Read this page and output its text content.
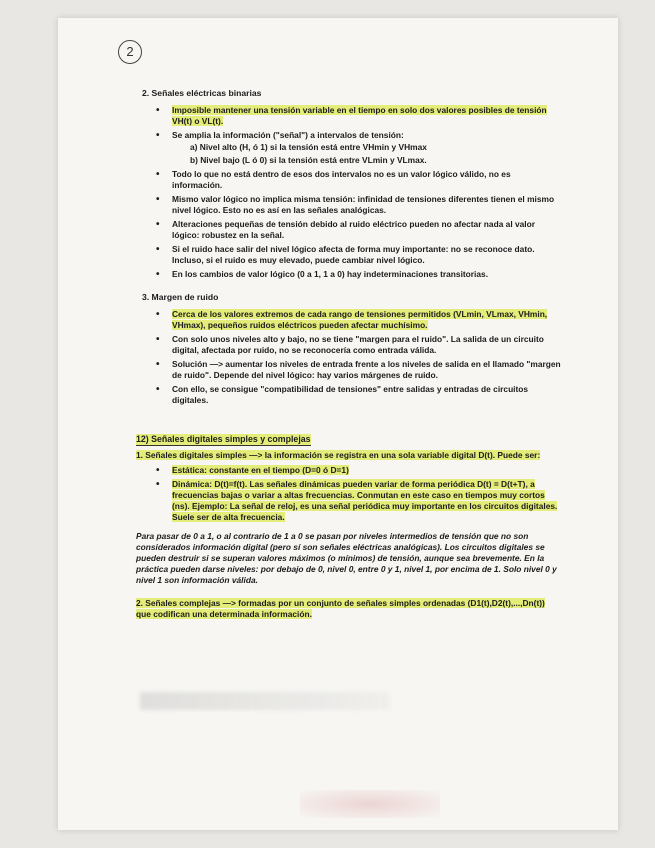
2
2. Señales eléctricas binarias
• Imposible mantener una tensión variable en el tiempo en solo dos valores posibles de tensión VH(t) o VL(t).
• Se amplia la información ("señal") a intervalos de tensión:
a) Nivel alto (H, ó 1) si la tensión está entre VHmin y VHmax
b) Nivel bajo (L ó 0) si la tensión está entre VLmin y VLmax.
• Todo lo que no está dentro de esos dos intervalos no es un valor lógico válido, no es información.
• Mismo valor lógico no implica misma tensión: infinidad de tensiones diferentes tienen el mismo nivel lógico. Esto no es así en las señales analógicas.
• Alteraciones pequeñas de tensión debido al ruido eléctrico pueden no afectar nada al valor lógico: robustez en la señal.
• Si el ruido hace salir del nivel lógico afecta de forma muy importante: no se reconoce dato. Incluso, si el ruido es muy elevado, puede cambiar nivel lógico.
• En los cambios de valor lógico (0 a 1, 1 a 0) hay indeterminaciones transitorias.
3. Margen de ruido
• Cerca de los valores extremos de cada rango de tensiones permitidos (VLmin, VLmax, VHmin, VHmax), pequeños ruidos eléctricos pueden afectar muchísimo.
• Con solo unos niveles alto y bajo, no se tiene "margen para el ruido". La salida de un circuito digital, afectada por ruido, no se reconocería como entrada válida.
• Solución —> aumentar los niveles de entrada frente a los niveles de salida en el llamado "margen de ruido". Depende del nivel lógico: hay varios márgenes de ruido.
• Con ello, se consigue "compatibilidad de tensiones" entre salidas y entradas de circuitos digitales.
12) Señales digitales simples y complejas
1. Señales digitales simples —> la información se registra en una sola variable digital D(t). Puede ser:
• Estática: constante en el tiempo (D=0 ó D=1)
• Dinámica: D(t)=f(t). Las señales dinámicas pueden variar de forma periódica D(t) = D(t+T), a frecuencias bajas o variar a altas frecuencias. Conmutan en este caso en tiempos muy cortos (ns). Ejemplo: La señal de reloj, es una señal periódica muy importante en los circuitos digitales. Suele ser de alta frecuencia.
Para pasar de 0 a 1, o al contrario de 1 a 0 se pasan por niveles intermedios de tensión que no son considerados información digital (pero sí son señales eléctricas analógicas). Los circuitos digitales se pueden destruir si se superan valores máximos (o mínimos) de tensión, aunque sea brevemente. En la práctica pueden darse niveles: por debajo de 0, nivel 0, entre 0 y 1, nivel 1, por encima de 1. Solo nivel 0 y nivel 1 son información válida.
2. Señales complejas —> formadas por un conjunto de señales simples ordenadas (D1(t),D2(t),...,Dn(t)) que codifican una determinada información.
